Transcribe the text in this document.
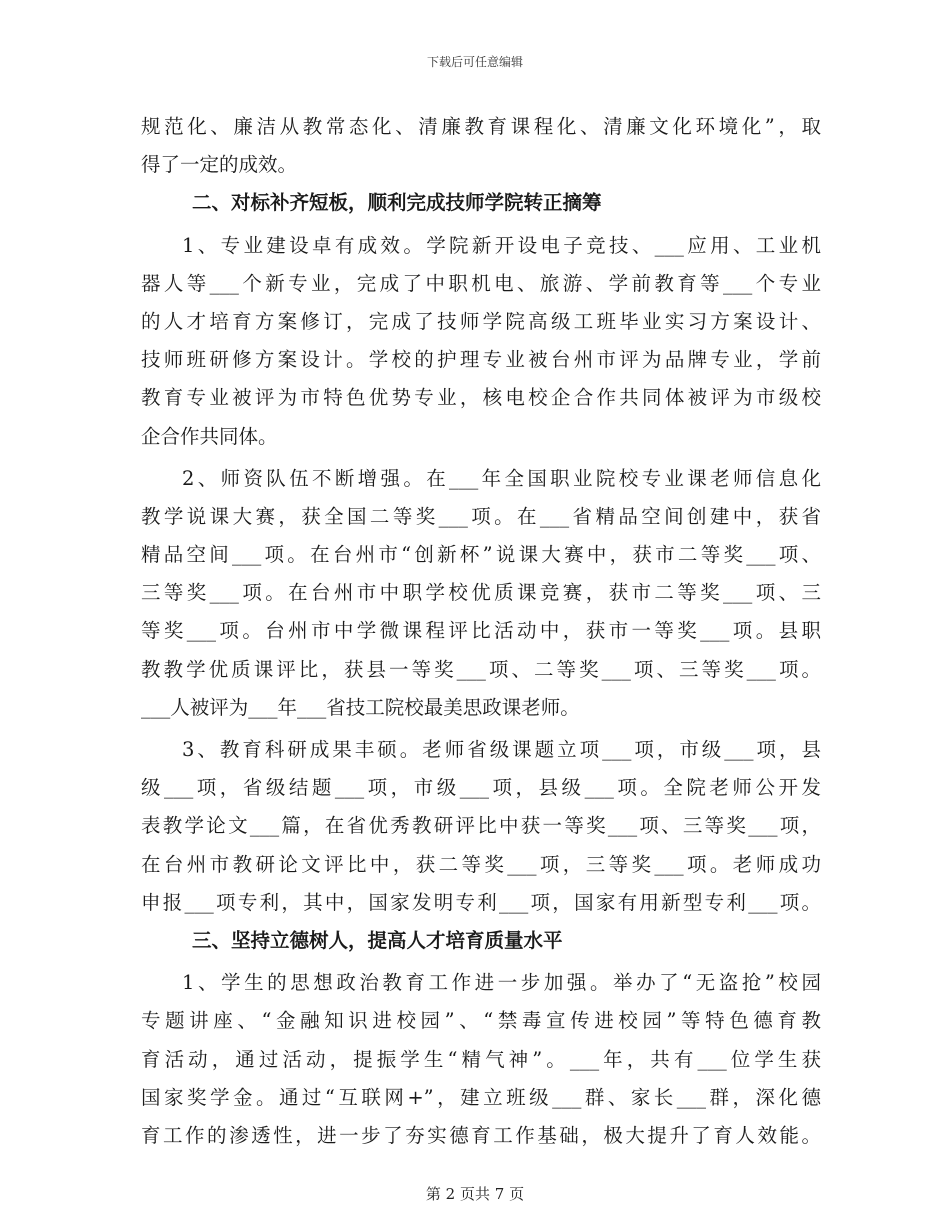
下载后可任意编辑
规范化、廉洁从教常态化、清廉教育课程化、清廉文化环境化”，取
得了一定的成效。
二、对标补齐短板，顺利完成技师学院转正摘筹
1、专业建设卓有成效。学院新开设电子竞技、___应用、工业机
器人等___个新专业，完成了中职机电、旅游、学前教育等___个专业
的人才培育方案修订，完成了技师学院高级工班毕业实习方案设计、
技师班研修方案设计。学校的护理专业被台州市评为品牌专业，学前
教育专业被评为市特色优势专业，核电校企合作共同体被评为市级校
企合作共同体。
2、师资队伍不断增强。在___年全国职业院校专业课老师信息化
教学说课大赛，获全国二等奖___项。在___省精品空间创建中，获省
精品空间___项。在台州市“创新杯”说课大赛中，获市二等奖___项、
三等奖___项。在台州市中职学校优质课竞赛，获市二等奖___项、三
等奖___项。台州市中学微课程评比活动中，获市一等奖___项。县职
教教学优质课评比，获县一等奖___项、二等奖___项、三等奖___项。
___人被评为___年___省技工院校最美思政课老师。
3、教育科研成果丰硕。老师省级课题立项___项，市级___项，县
级___项，省级结题___项，市级___项，县级___项。全院老师公开发
表教学论文___篇，在省优秀教研评比中获一等奖___项、三等奖___项，
在台州市教研论文评比中，获二等奖___项，三等奖___项。老师成功
申报___项专利，其中，国家发明专利___项，国家有用新型专利___项。
三、坚持立德树人，提高人才培育质量水平
1、学生的思想政治教育工作进一步加强。举办了“无盗抢”校园
专题讲座、“金融知识进校园”、“禁毒宣传进校园”等特色德育教
育活动，通过活动，提振学生“精气神”。___年，共有___位学生获
国家奖学金。通过“互联网+”，建立班级___群、家长___群，深化德
育工作的渗透性，进一步了夯实德育工作基础，极大提升了育人效能。
第 2 页共 7 页
